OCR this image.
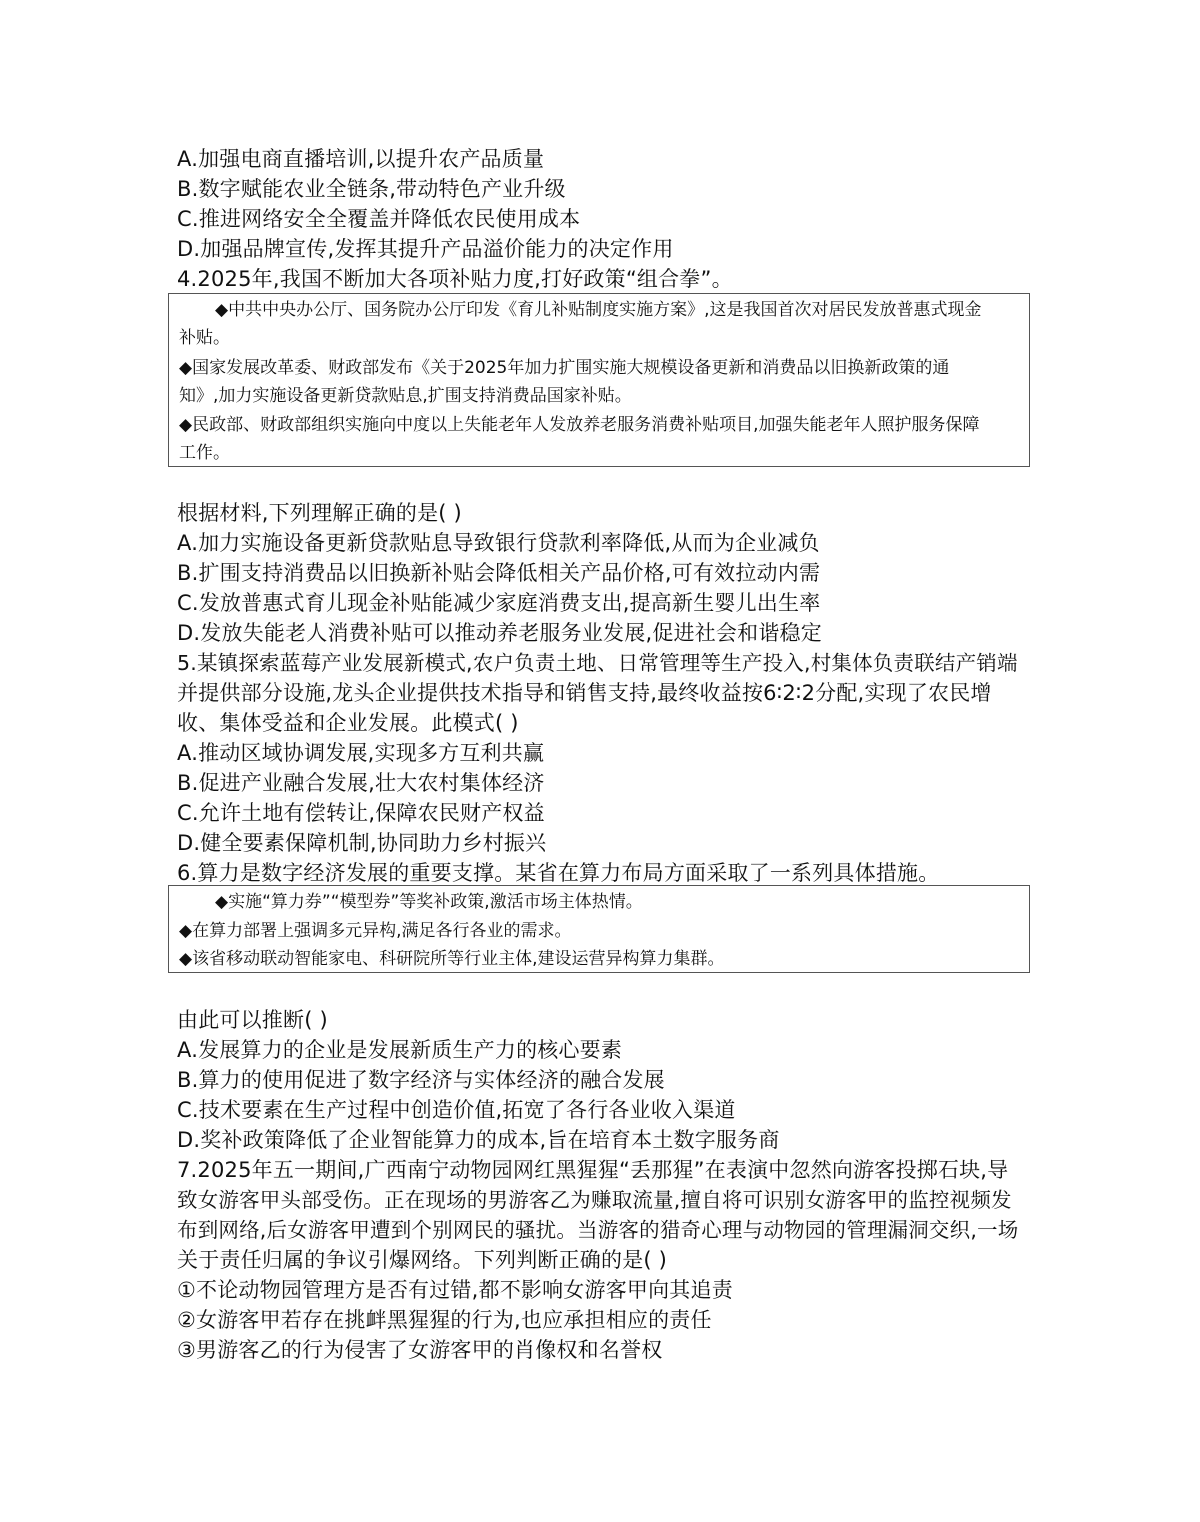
A.加强电商直播培训,以提升农产品质量
B.数字赋能农业全链条,带动特色产业升级
C.推进网络安全全覆盖并降低农民使用成本
D.加强品牌宣传,发挥其提升产品溢价能力的决定作用
4.2025年,我国不断加大各项补贴力度,打好政策“组合拳”。
◆中共中央办公厅、国务院办公厅印发《育儿补贴制度实施方案》,这是我国首次对居民发放普惠式现金
补贴。
◆国家发展改革委、财政部发布《关于2025年加力扩围实施大规模设备更新和消费品以旧换新政策的通
知》,加力实施设备更新贷款贴息,扩围支持消费品国家补贴。
◆民政部、财政部组织实施向中度以上失能老年人发放养老服务消费补贴项目,加强失能老年人照护服务保障
工作。
根据材料,下列理解正确的是( )
A.加力实施设备更新贷款贴息导致银行贷款利率降低,从而为企业减负
B.扩围支持消费品以旧换新补贴会降低相关产品价格,可有效拉动内需
C.发放普惠式育儿现金补贴能减少家庭消费支出,提高新生婴儿出生率
D.发放失能老人消费补贴可以推动养老服务业发展,促进社会和谐稳定
5.某镇探索蓝莓产业发展新模式,农户负责土地、日常管理等生产投入,村集体负责联结产销端
并提供部分设施,龙头企业提供技术指导和销售支持,最终收益按6∶2∶2分配,实现了农民增
收、集体受益和企业发展。此模式( )
A.推动区域协调发展,实现多方互利共赢
B.促进产业融合发展,壮大农村集体经济
C.允许土地有偿转让,保障农民财产权益
D.健全要素保障机制,协同助力乡村振兴
6.算力是数字经济发展的重要支撑。某省在算力布局方面采取了一系列具体措施。
◆实施“算力券”“模型券”等奖补政策,激活市场主体热情。
◆在算力部署上强调多元异构,满足各行各业的需求。
◆该省移动联动智能家电、科研院所等行业主体,建设运营异构算力集群。
由此可以推断( )
A.发展算力的企业是发展新质生产力的核心要素
B.算力的使用促进了数字经济与实体经济的融合发展
C.技术要素在生产过程中创造价值,拓宽了各行各业收入渠道
D.奖补政策降低了企业智能算力的成本,旨在培育本土数字服务商
7.2025年五一期间,广西南宁动物园网红黑猩猩“丢那猩”在表演中忽然向游客投掷石块,导
致女游客甲头部受伤。正在现场的男游客乙为赚取流量,擅自将可识别女游客甲的监控视频发
布到网络,后女游客甲遭到个别网民的骚扰。当游客的猎奇心理与动物园的管理漏洞交织,一场
关于责任归属的争议引爆网络。下列判断正确的是( )
①不论动物园管理方是否有过错,都不影响女游客甲向其追责
②女游客甲若存在挑衅黑猩猩的行为,也应承担相应的责任
③男游客乙的行为侵害了女游客甲的肖像权和名誉权
